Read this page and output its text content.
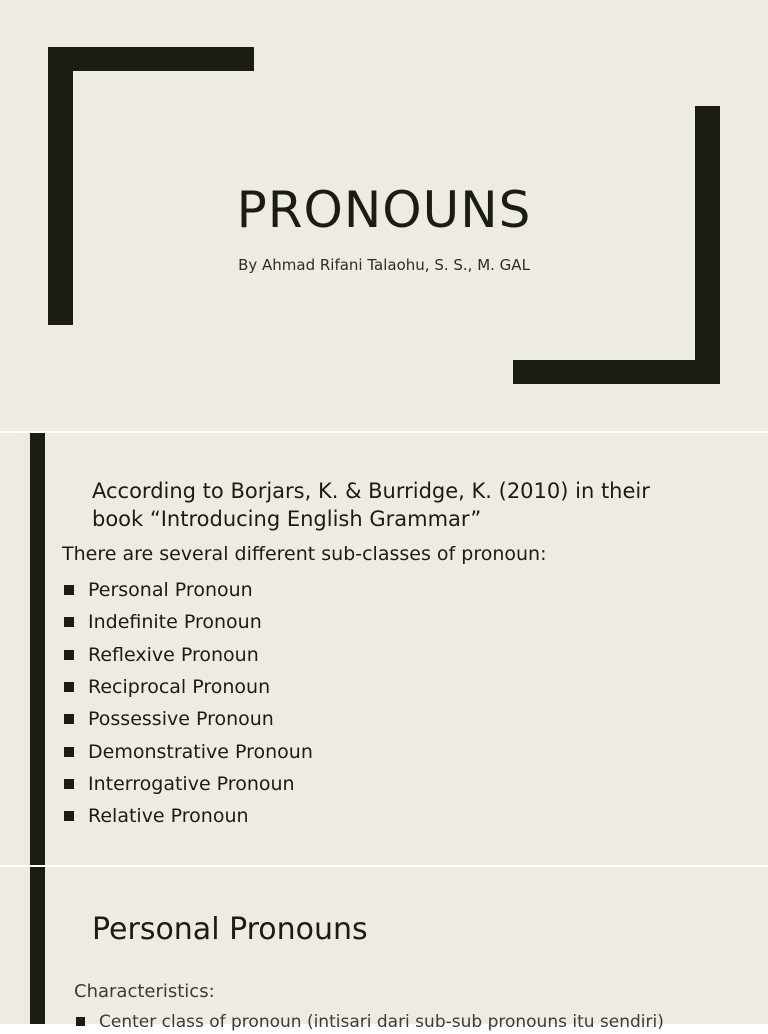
PRONOUNS
By Ahmad Rifani Talaohu, S. S., M. GAL
According to Borjars, K. & Burridge, K. (2010) in their
book “Introducing English Grammar”
There are several different sub-classes of pronoun:
Personal Pronoun
Indefinite Pronoun
Reflexive Pronoun
Reciprocal Pronoun
Possessive Pronoun
Demonstrative Pronoun
Interrogative Pronoun
Relative Pronoun
Personal Pronouns
Characteristics:
Center class of pronoun (intisari dari sub-sub pronouns itu sendiri)
